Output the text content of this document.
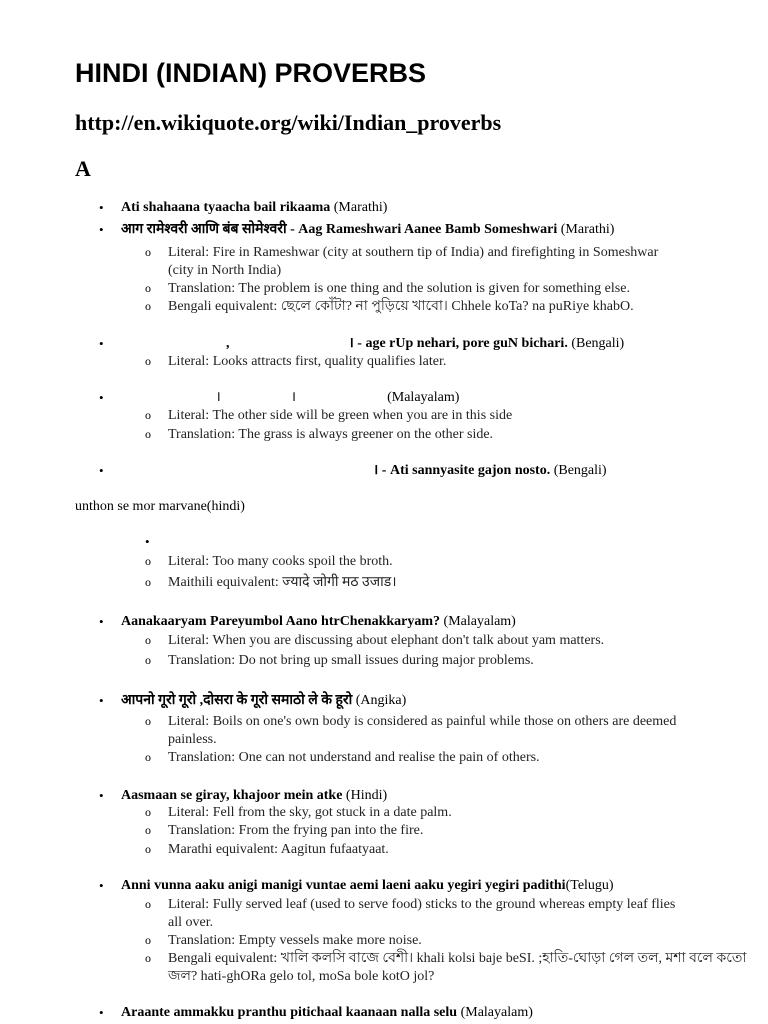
HINDI (INDIAN) PROVERBS
http://en.wikiquote.org/wiki/Indian_proverbs
A
• Ati shahaana tyaacha bail rikaama (Marathi)
• आग रामेश्वरी आणि बंब सोमेश्वरी - Aag Rameshwari Aanee Bamb Someshwari (Marathi)
o Literal: Fire in Rameshwar (city at southern tip of India) and firefighting in Someshwar
(city in North India)
o Translation: The problem is one thing and the solution is given for something else.
o Bengali equivalent: ছেলে কোঁটা? না পুড়িয়ে খাবো। Chhele koTa? na puRiye khabO.
• ,                                  । - age rUp nehari, pore guN bichari. (Bengali)
o Literal: Looks attracts first, quality qualifies later.
• ।                    ।                          (Malayalam)
o Literal: The other side will be green when you are in this side
o Translation: The grass is always greener on the other side.
• । - Ati sannyasite gajon nosto. (Bengali)
unthon se mor marvane(hindi)
•
o Literal: Too many cooks spoil the broth.
o Maithili equivalent: ज्यादे जोगी मठ उजाड।
• Aanakaaryam Pareyumbol Aano htrChenakkaryam? (Malayalam)
o Literal: When you are discussing about elephant don't talk about yam matters.
o Translation: Do not bring up small issues during major problems.
• आपनो गूरो गूरो ,दोसरा के गूरो समाठो ले के हूरो (Angika)
o Literal: Boils on one's own body is considered as painful while those on others are deemed
painless.
o Translation: One can not understand and realise the pain of others.
• Aasmaan se giray, khajoor mein atke (Hindi)
o Literal: Fell from the sky, got stuck in a date palm.
o Translation: From the frying pan into the fire.
o Marathi equivalent: Aagitun fufaatyaat.
• Anni vunna aaku anigi manigi vuntae aemi laeni aaku yegiri yegiri padithi(Telugu)
o Literal: Fully served leaf (used to serve food) sticks to the ground whereas empty leaf flies
all over.
o Translation: Empty vessels make more noise.
o Bengali equivalent: খালি কলসি বাজে বেশী। khali kolsi baje beSI. ;হাতি-ঘোড়া গেল তল, মশা বলে কতো
জল? hati-ghORa gelo tol, moSa bole kotO jol?
• Araante ammakku pranthu pitichaal kaanaan nalla selu (Malayalam)
